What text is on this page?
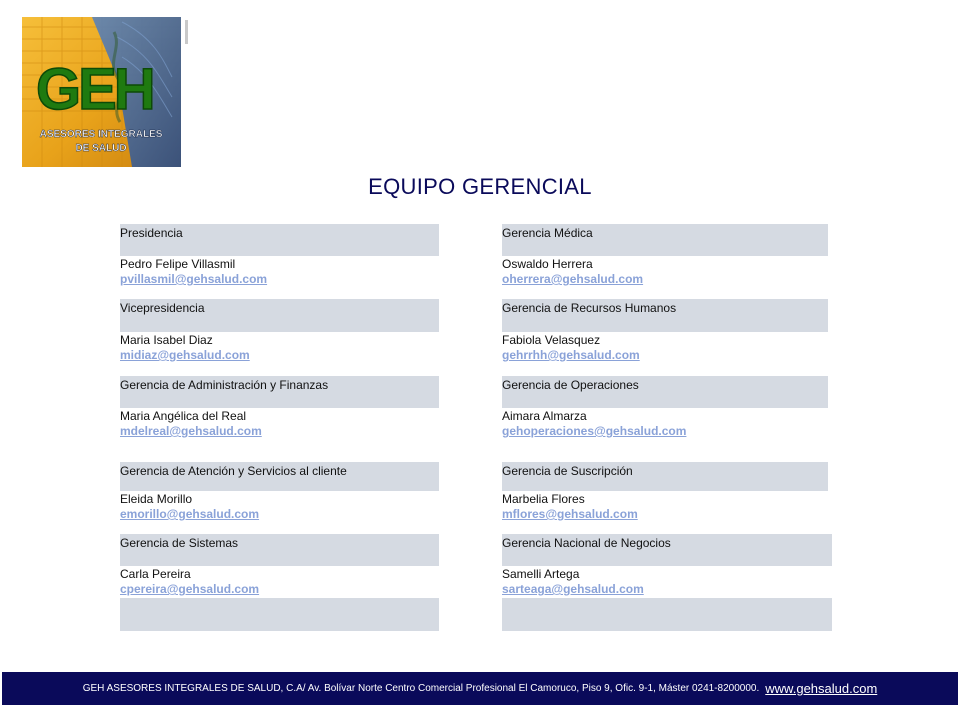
GEH
ASESORES INTEGRALES
DE SALUD
EQUIPO GERENCIAL
Presidencia
Pedro Felipe Villasmil
pvillasmil@gehsalud.com
Vicepresidencia
Maria Isabel Diaz
midiaz@gehsalud.com
Gerencia de Administración y Finanzas
Maria Angélica del Real
mdelreal@gehsalud.com
Gerencia de Atención y Servicios al cliente
Eleida Morillo
emorillo@gehsalud.com
Gerencia de Sistemas
Carla Pereira
cpereira@gehsalud.com
Gerencia Médica
Oswaldo Herrera
oherrera@gehsalud.com
Gerencia de Recursos Humanos
Fabiola Velasquez
gehrrhh@gehsalud.com
Gerencia de Operaciones
Aimara Almarza
gehoperaciones@gehsalud.com
Gerencia de Suscripción
Marbelia Flores
mflores@gehsalud.com
Gerencia Nacional de Negocios
Samelli Artega
sarteaga@gehsalud.com
GEH ASESORES INTEGRALES DE SALUD, C.A/ Av. Bolívar Norte Centro Comercial Profesional El Camoruco, Piso 9, Ofic. 9-1, Máster 0241-8200000. www.gehsalud.com
